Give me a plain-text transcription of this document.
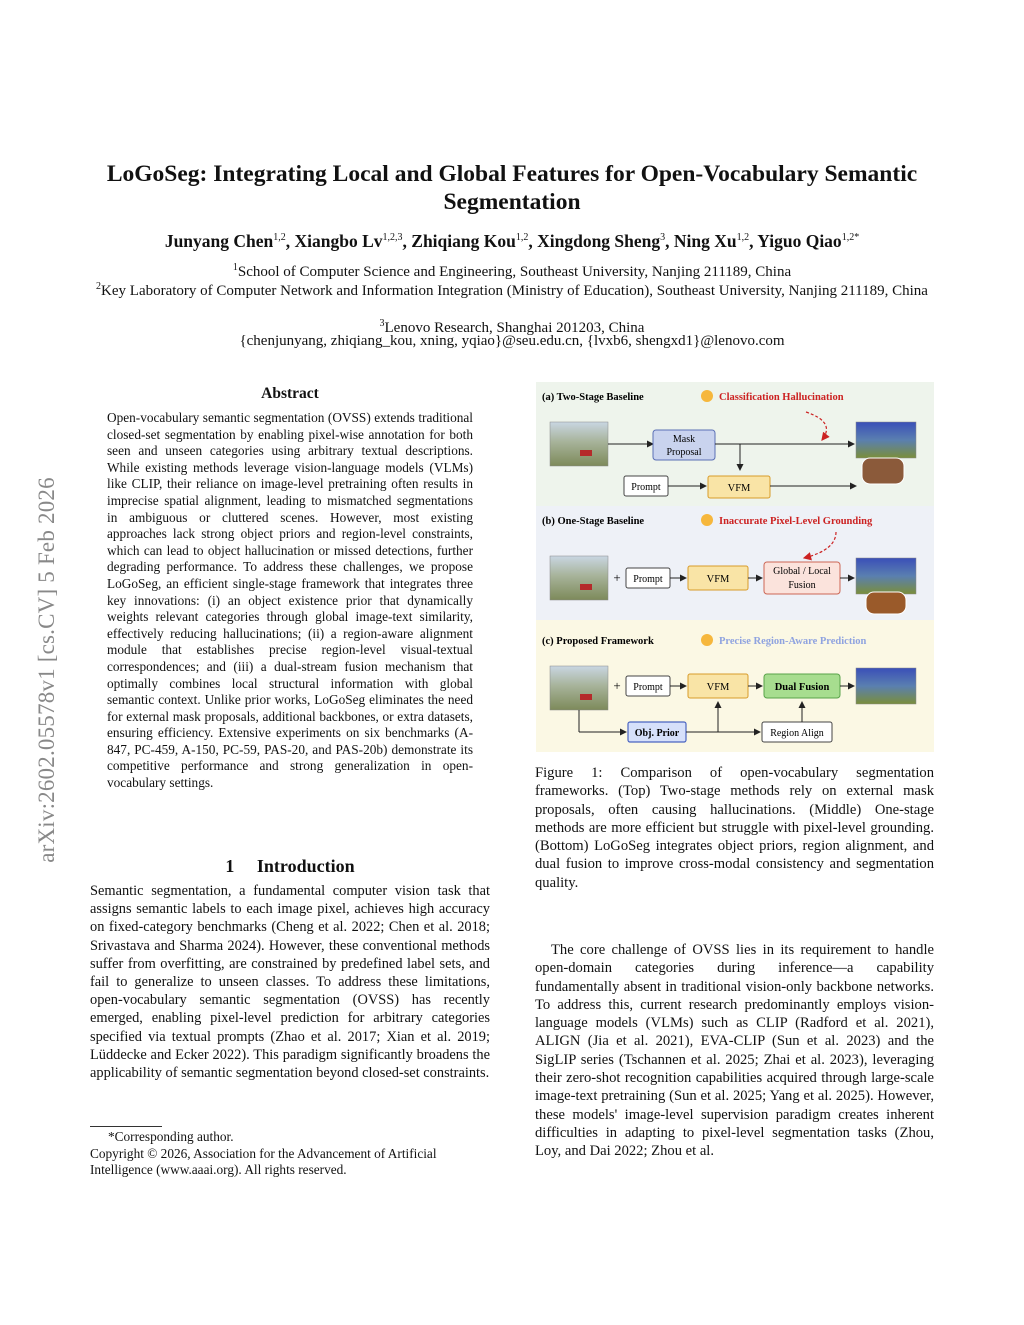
arXiv:2602.05578v1 [cs.CV] 5 Feb 2026
LoGoSeg: Integrating Local and Global Features for Open-Vocabulary Semantic Segmentation
Junyang Chen$^{1,2}$, Xiangbo Lv$^{1,2,3}$, Zhiqiang Kou$^{1,2}$, Xingdong Sheng$^3$, Ning Xu$^{1,2}$, Yiguo Qiao$^{1,2*}$
$^1$School of Computer Science and Engineering, Southeast University, Nanjing 211189, China
$^2$Key Laboratory of Computer Network and Information Integration (Ministry of Education), Southeast University, Nanjing 211189, China
$^3$Lenovo Research, Shanghai 201203, China
{chenjunyang, zhiqiang_kou, xning, yqiao}@seu.edu.cn, {lvxb6, shengxd1}@lenovo.com
Abstract
Open-vocabulary semantic segmentation (OVSS) extends traditional closed-set segmentation by enabling pixel-wise annotation for both seen and unseen categories using arbitrary textual descriptions. While existing methods leverage vision-language models (VLMs) like CLIP, their reliance on image-level pretraining often results in imprecise spatial alignment, leading to mismatched segmentations in ambiguous or cluttered scenes. However, most existing approaches lack strong object priors and region-level constraints, which can lead to object hallucination or missed detections, further degrading performance. To address these challenges, we propose LoGoSeg, an efficient single-stage framework that integrates three key innovations: (i) an object existence prior that dynamically weights relevant categories through global image-text similarity, effectively reducing hallucinations; (ii) a region-aware alignment module that establishes precise region-level visual-textual correspondences; and (iii) a dual-stream fusion mechanism that optimally combines local structural information with global semantic context. Unlike prior works, LoGoSeg eliminates the need for external mask proposals, additional backbones, or extra datasets, ensuring efficiency. Extensive experiments on six benchmarks (A-847, PC-459, A-150, PC-59, PAS-20, and PAS-20b) demonstrate its competitive performance and strong generalization in open-vocabulary settings.
1     Introduction
Semantic segmentation, a fundamental computer vision task that assigns semantic labels to each image pixel, achieves high accuracy on fixed-category benchmarks (Cheng et al. 2022; Chen et al. 2018; Srivastava and Sharma 2024). However, these conventional methods suffer from overfitting, are constrained by predefined label sets, and fail to generalize to unseen classes. To address these limitations, open-vocabulary semantic segmentation (OVSS) has recently emerged, enabling pixel-level prediction for arbitrary categories specified via textual prompts (Zhao et al. 2017; Xian et al. 2019; Lüddecke and Ecker 2022). This paradigm significantly broadens the applicability of semantic segmentation beyond closed-set constraints.
*Corresponding author.
Copyright © 2026, Association for the Advancement of Artificial Intelligence (www.aaai.org). All rights reserved.
(a) Two-Stage Baseline	Classification Hallucination
Mask
Proposal
Prompt	VFM
(b) One-Stage Baseline	Inaccurate Pixel-Level Grounding
+ Prompt	VFM
Global / Local
Fusion
(c) Proposed Framework	Precise Region-Aware Prediction
+ Prompt	VFM	Dual Fusion
Obj. Prior	Region Align
Figure 1: Comparison of open-vocabulary segmentation frameworks. (Top) Two-stage methods rely on external mask proposals, often causing hallucinations. (Middle) One-stage methods are more efficient but struggle with pixel-level grounding. (Bottom) LoGoSeg integrates object priors, region alignment, and dual fusion to improve cross-modal consistency and segmentation quality.
The core challenge of OVSS lies in its requirement to handle open-domain categories during inference—a capability fundamentally absent in traditional vision-only backbone networks. To address this, current research predominantly employs vision-language models (VLMs) such as CLIP (Radford et al. 2021), ALIGN (Jia et al. 2021), EVA-CLIP (Sun et al. 2023) and the SigLIP series (Tschannen et al. 2025; Zhai et al. 2023), leveraging their zero-shot recognition capabilities acquired through large-scale image-text pretraining (Sun et al. 2025; Yang et al. 2025). However, these models' image-level supervision paradigm creates inherent difficulties in adapting to pixel-level segmentation tasks (Zhou, Loy, and Dai 2022; Zhou et al.
